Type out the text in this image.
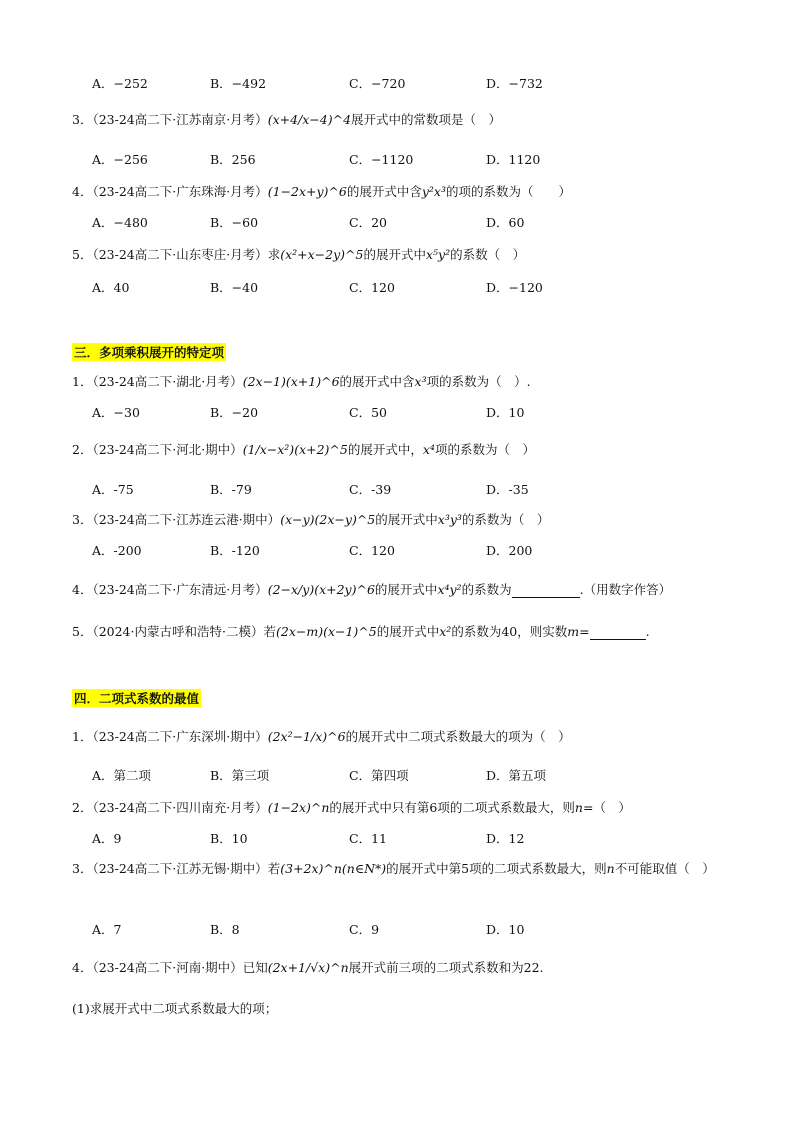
A．−252	B．−492	C．−720	D．−732
3．（23-24高二下·江苏南京·月考）(x+4/x−4)^4展开式中的常数项是（　）
A．−256	B．256	C．−1120	D．1120
4．（23-24高二下·广东珠海·月考）(1−2x+y)^6的展开式中含y²x³的项的系数为（　　）
A．−480	B．−60	C．20	D．60
5．（23-24高二下·山东枣庄·月考）求(x²+x−2y)^5的展开式中x⁵y²的系数（　）
A．40	B．−40	C．120	D．−120
三．多项乘积展开的特定项
1．（23-24高二下·湖北·月考）(2x−1)(x+1)^6的展开式中含x³项的系数为（　）.
A．−30	B．−20	C．50	D．10
2．（23-24高二下·河北·期中）(1/x−x²)(x+2)^5的展开式中，x⁴项的系数为（　）
A．-75	B．-79	C．-39	D．-35
3．（23-24高二下·江苏连云港·期中）(x−y)(2x−y)^5的展开式中x³y³的系数为（　）
A．-200	B．-120	C．120	D．200
4．（23-24高二下·广东清远·月考）(2−x/y)(x+2y)^6的展开式中x⁴y²的系数为	.（用数字作答）
5．（2024·内蒙古呼和浩特·二模）若(2x−m)(x−1)^5的展开式中x²的系数为40，则实数m=	.
四．二项式系数的最值
1．（23-24高二下·广东深圳·期中）(2x²−1/x)^6的展开式中二项式系数最大的项为（　）
A．第二项	B．第三项	C．第四项	D．第五项
2．（23-24高二下·四川南充·月考）(1−2x)^n的展开式中只有第6项的二项式系数最大，则n=（　）
A．9	B．10	C．11	D．12
3．（23-24高二下·江苏无锡·期中）若(3+2x)^n(n∈N*)的展开式中第5项的二项式系数最大，则n不可能取值（　）
A．7	B．8	C．9	D．10
4．（23-24高二下·河南·期中）已知(2x+1/√x)^n展开式前三项的二项式系数和为22.
(1)求展开式中二项式系数最大的项；
